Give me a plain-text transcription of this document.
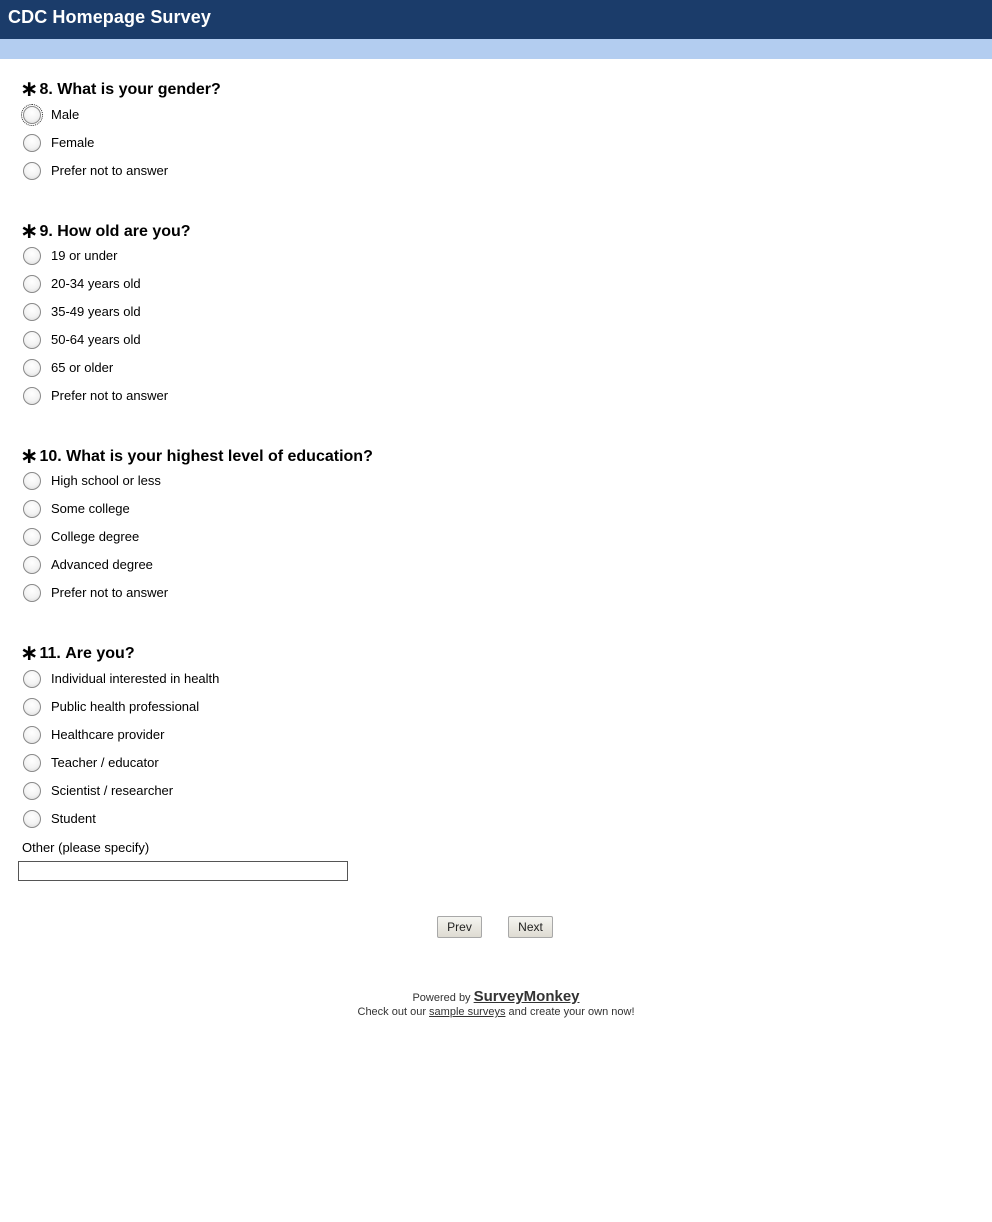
CDC Homepage Survey
∗8. What is your gender?
Male
Female
Prefer not to answer
∗9. How old are you?
19 or under
20-34 years old
35-49 years old
50-64 years old
65 or older
Prefer not to answer
∗10. What is your highest level of education?
High school or less
Some college
College degree
Advanced degree
Prefer not to answer
∗11. Are you?
Individual interested in health
Public health professional
Healthcare provider
Teacher / educator
Scientist / researcher
Student
Other (please specify)
Prev	Next
Powered by SurveyMonkey
Check out our sample surveys and create your own now!
